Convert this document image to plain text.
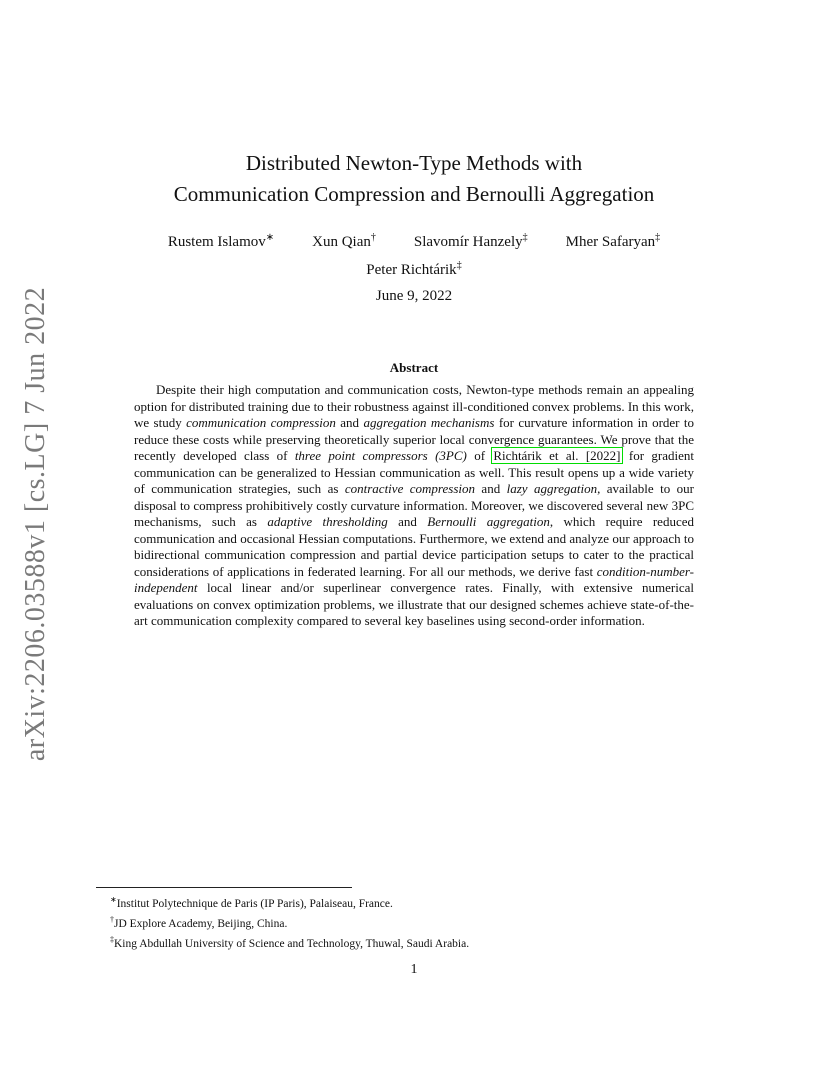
arXiv:2206.03588v1 [cs.LG] 7 Jun 2022
Distributed Newton-Type Methods with
Communication Compression and Bernoulli Aggregation
Rustem Islamov∗	Xun Qian†	Slavomír Hanzely‡	Mher Safaryan‡
Peter Richtárik‡
June 9, 2022
Abstract
Despite their high computation and communication costs, Newton-type methods remain an appealing option for distributed training due to their robustness against ill-conditioned convex problems. In this work, we study communication compression and aggregation mechanisms for curvature information in order to reduce these costs while preserving theoretically superior local convergence guarantees. We prove that the recently developed class of three point compressors (3PC) of Richtárik et al. [2022] for gradient communication can be generalized to Hessian communication as well. This result opens up a wide variety of communication strategies, such as contractive compression and lazy aggregation, available to our disposal to compress prohibitively costly curvature information. Moreover, we discovered several new 3PC mechanisms, such as adaptive thresholding and Bernoulli aggregation, which require reduced communication and occasional Hessian computations. Furthermore, we extend and analyze our approach to bidirectional communication compression and partial device participation setups to cater to the practical considerations of applications in federated learning. For all our methods, we derive fast condition-number-independent local linear and/or superlinear convergence rates. Finally, with extensive numerical evaluations on convex optimization problems, we illustrate that our designed schemes achieve state-of-the-art communication complexity compared to several key baselines using second-order information.
∗Institut Polytechnique de Paris (IP Paris), Palaiseau, France.
†JD Explore Academy, Beijing, China.
‡King Abdullah University of Science and Technology, Thuwal, Saudi Arabia.
1
